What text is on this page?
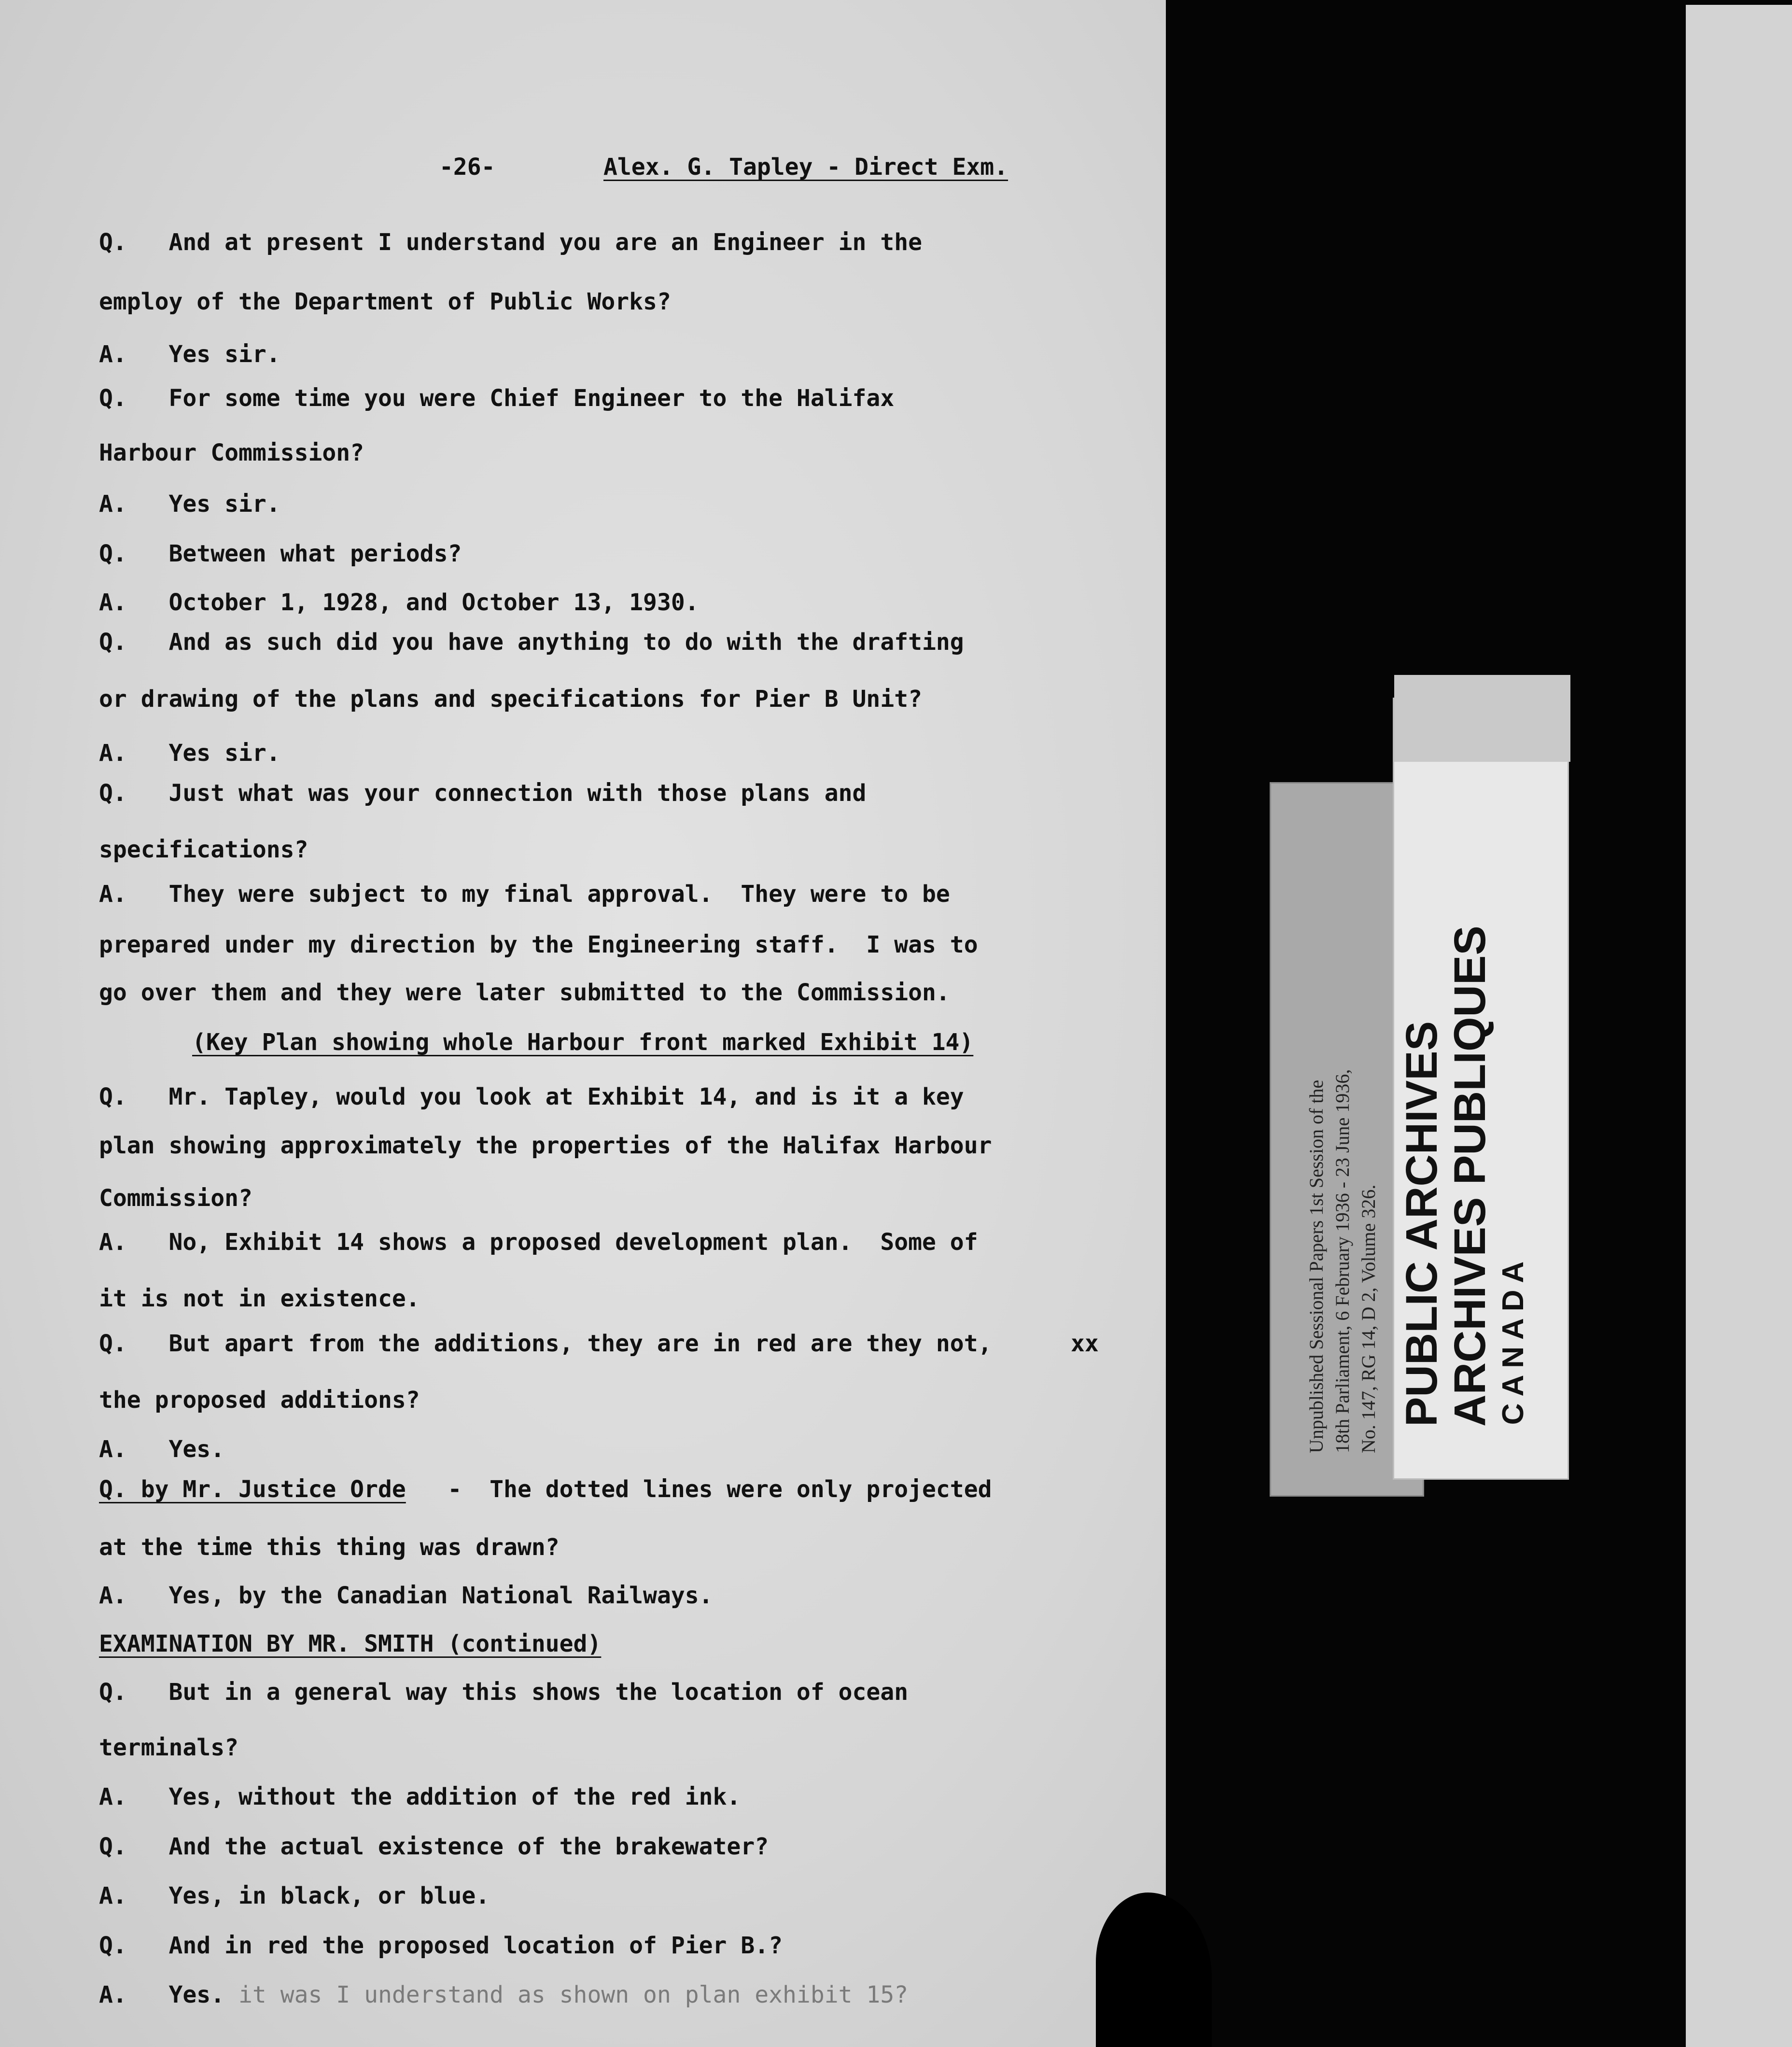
-26-	Alex. G. Tapley - Direct Exm.
Q.   And at present I understand you are an Engineer in the
employ of the Department of Public Works?
A.   Yes sir.
Q.   For some time you were Chief Engineer to the Halifax
Harbour Commission?
A.   Yes sir.
Q.   Between what periods?
A.   October 1, 1928, and October 13, 1930.
Q.   And as such did you have anything to do with the drafting
or drawing of the plans and specifications for Pier B Unit?
A.   Yes sir.
Q.   Just what was your connection with those plans and
specifications?
A.   They were subject to my final approval.  They were to be
prepared under my direction by the Engineering staff.  I was to
go over them and they were later submitted to the Commission.
(Key Plan showing whole Harbour front marked Exhibit 14)
Q.   Mr. Tapley, would you look at Exhibit 14, and is it a key
plan showing approximately the properties of the Halifax Harbour
Commission?
A.   No, Exhibit 14 shows a proposed development plan.  Some of
it is not in existence.
Q.   But apart from the additions, they are in red are they not,	xx
the proposed additions?
A.   Yes.
Q. by Mr. Justice Orde   -  The dotted lines were only projected
at the time this thing was drawn?
A.   Yes, by the Canadian National Railways.
EXAMINATION BY MR. SMITH (continued)
Q.   But in a general way this shows the location of ocean
terminals?
A.   Yes, without the addition of the red ink.
Q.   And the actual existence of the brakewater?
A.   Yes, in black, or blue.
Q.   And in red the proposed location of Pier B.?
A.   Yes. it was I understand as shown on plan exhibit 15?
Unpublished Sessional Papers 1st Session of the 18th Parliament, 6 February 1936 - 23 June 1936, No. 147, RG 14, D 2, Volume 326.	CANADA
